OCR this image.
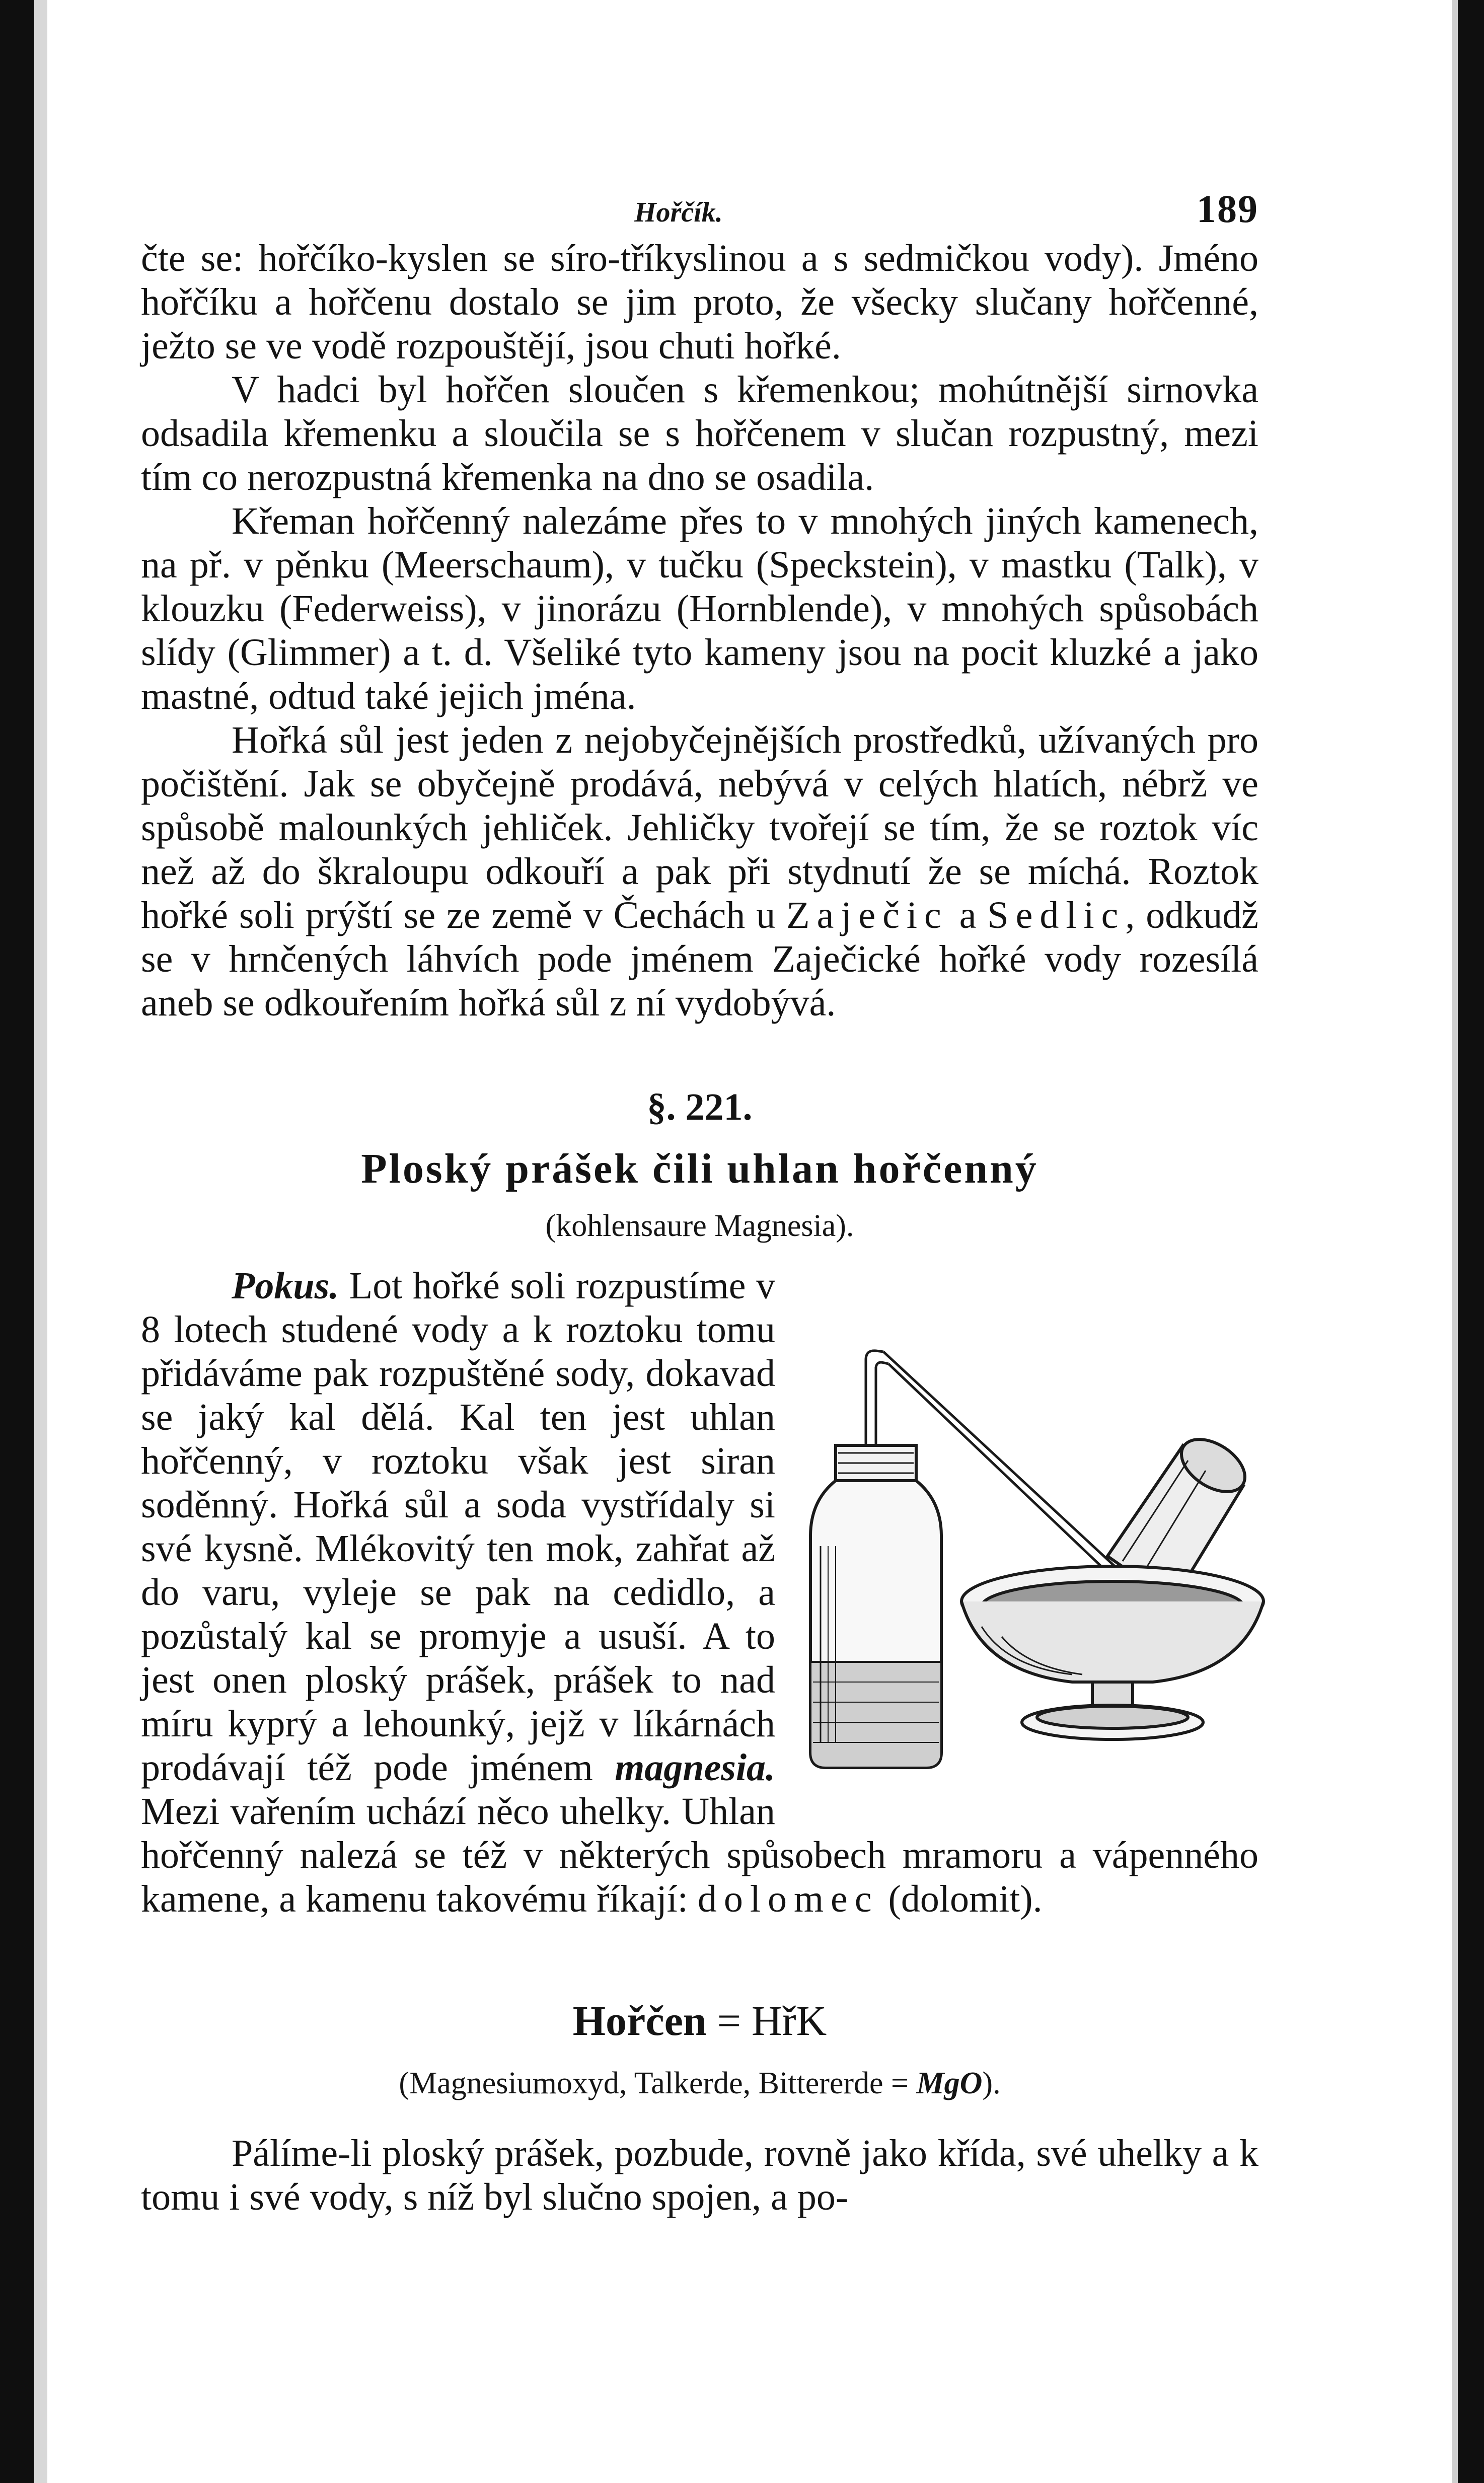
Hořčík.	189

čte se: hořčíko-kyslen se síro-tříkyslinou a s sedmičkou vody). Jméno hořčíku a hořčenu dostalo se jim proto, že všecky slučany hořčenné, ježto se ve vodě rozpouštějí, jsou chuti hořké.

V hadci byl hořčen sloučen s křemenkou; mohútnější sirnovka odsadila křemenku a sloučila se s hořčenem v slučan rozpustný, mezi tím co nerozpustná křemenka na dno se osadila.

Křeman hořčenný nalezáme přes to v mnohých jiných kamenech, na př. v pěnku (Meerschaum), v tučku (Speckstein), v mastku (Talk), v klouzku (Federweiss), v jinorázu (Hornblende), v mnohých spůsobách slídy (Glimmer) a t. d. Všeliké tyto kameny jsou na pocit kluzké a jako mastné, odtud také jejich jména.

Hořká sůl jest jeden z nejobyčejnějších prostředků, užívaných pro počištění. Jak se obyčejně prodává, nebývá v celých hlatích, nébrž ve spůsobě malounkých jehliček. Jehličky tvořejí se tím, že se roztok víc než až do škraloupu odkouří a pak při stydnutí že se míchá. Roztok hořké soli prýští se ze země v Čechách u Zaječic a Sedlic, odkudž se v hrnčených láhvích pode jménem Zaječické hořké vody rozesílá aneb se odkouřením hořká sůl z ní vydobývá.

§. 221.
Ploský prášek čili uhlan hořčenný
(kohlensaure Magnesia).

Pokus. Lot hořké soli rozpustíme v 8 lotech studené vody a k roztoku tomu přidáváme pak rozpuštěné sody, dokavad se jaký kal dělá. Kal ten jest uhlan hořčenný, v roztoku však jest siran soděnný. Hořká sůl a soda vystřídaly si své kysně. Mlékovitý ten mok, zahřat až do varu, vyleje se pak na cedidlo, a pozůstalý kal se promyje a usuší. A to jest onen ploský prášek, prášek to nad míru kyprý a lehounký, jejž v líkárnách prodávají též pode jménem magnesia. Mezi vařením uchází něco uhelky. Uhlan hořčenný nalezá se též v některých spůsobech mramoru a vápenného kamene, a kamenu takovému říkají: dolomec (dolomit).

Hořčen = HřK
(Magnesiumoxyd, Talkerde, Bittererde = MgO).

Pálíme-li ploský prášek, pozbude, rovně jako křída, své uhelky a k tomu i své vody, s níž byl slučno spojen, a po-
